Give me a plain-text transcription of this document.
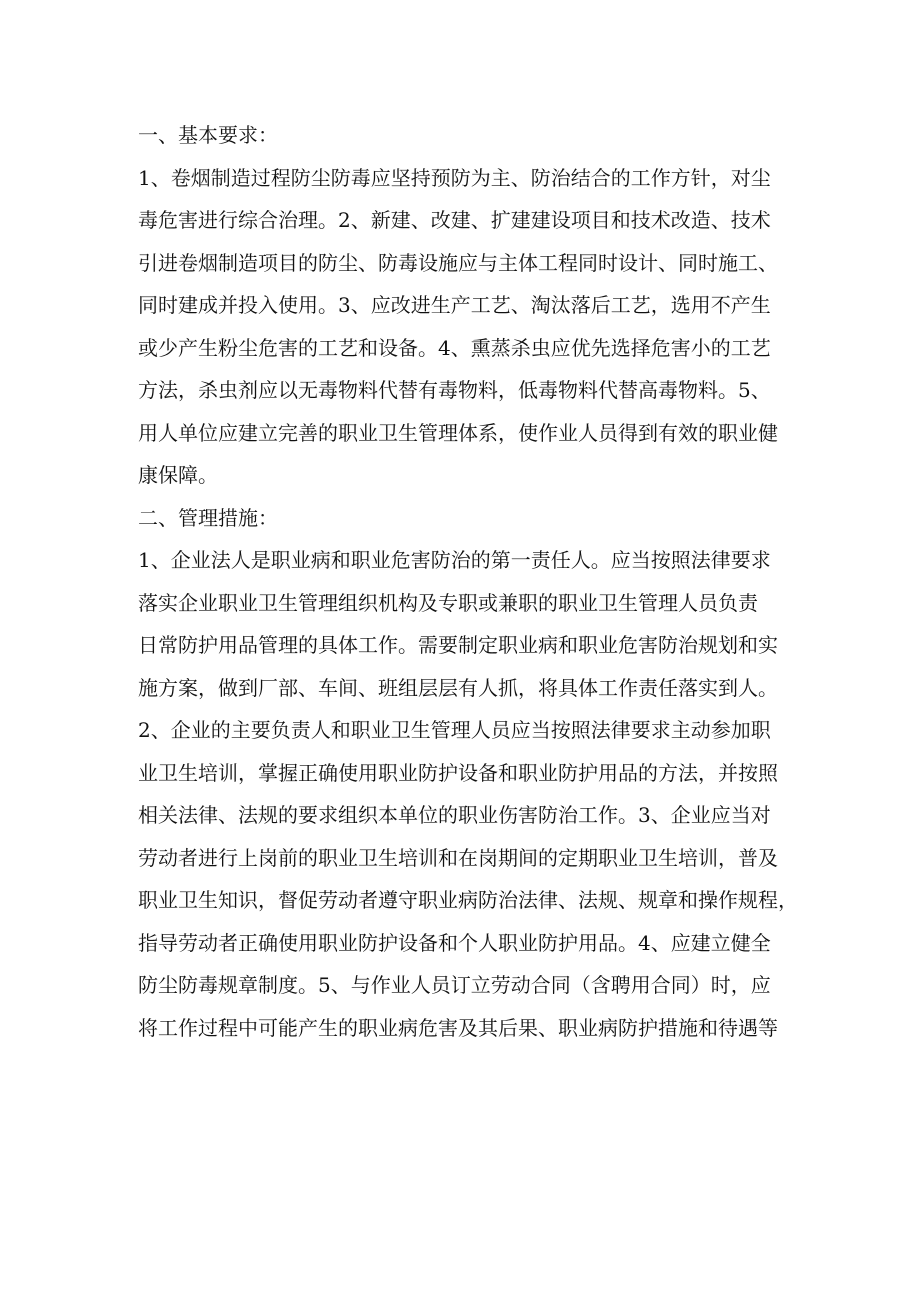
一、基本要求：
1、卷烟制造过程防尘防毒应坚持预防为主、防治结合的工作方针，对尘
毒危害进行综合治理。2、新建、改建、扩建建设项目和技术改造、技术
引进卷烟制造项目的防尘、防毒设施应与主体工程同时设计、同时施工、
同时建成并投入使用。3、应改进生产工艺、淘汰落后工艺，选用不产生
或少产生粉尘危害的工艺和设备。4、熏蒸杀虫应优先选择危害小的工艺
方法，杀虫剂应以无毒物料代替有毒物料，低毒物料代替高毒物料。5、
用人单位应建立完善的职业卫生管理体系，使作业人员得到有效的职业健
康保障。
二、管理措施：
1、企业法人是职业病和职业危害防治的第一责任人。应当按照法律要求
落实企业职业卫生管理组织机构及专职或兼职的职业卫生管理人员负责
日常防护用品管理的具体工作。需要制定职业病和职业危害防治规划和实
施方案，做到厂部、车间、班组层层有人抓，将具体工作责任落实到人。
2、企业的主要负责人和职业卫生管理人员应当按照法律要求主动参加职
业卫生培训，掌握正确使用职业防护设备和职业防护用品的方法，并按照
相关法律、法规的要求组织本单位的职业伤害防治工作。3、企业应当对
劳动者进行上岗前的职业卫生培训和在岗期间的定期职业卫生培训，普及
职业卫生知识，督促劳动者遵守职业病防治法律、法规、规章和操作规程，
指导劳动者正确使用职业防护设备和个人职业防护用品。4、应建立健全
防尘防毒规章制度。5、与作业人员订立劳动合同（含聘用合同）时，应
将工作过程中可能产生的职业病危害及其后果、职业病防护措施和待遇等
